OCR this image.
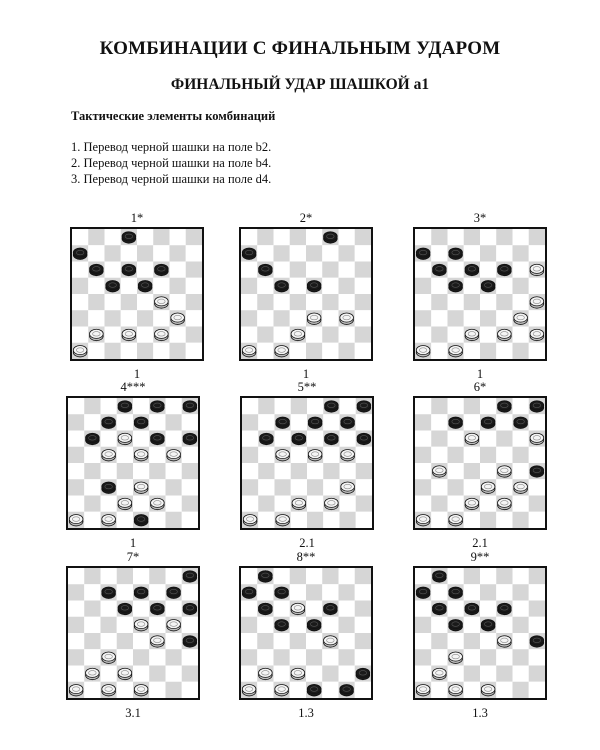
КОМБИНАЦИИ С ФИНАЛЬНЫМ УДАРОМ
ФИНАЛЬНЫЙ УДАР ШАШКОЙ а1
Тактические элементы комбинаций
1. Перевод черной шашки на поле b2.
2. Перевод черной шашки на поле b4.
3. Перевод черной шашки на поле d4.
1*
1
2*
1
3*
1
4***
1
5**
2.1
6*
2.1
7*
3.1
8**
1.3
9**
1.3
